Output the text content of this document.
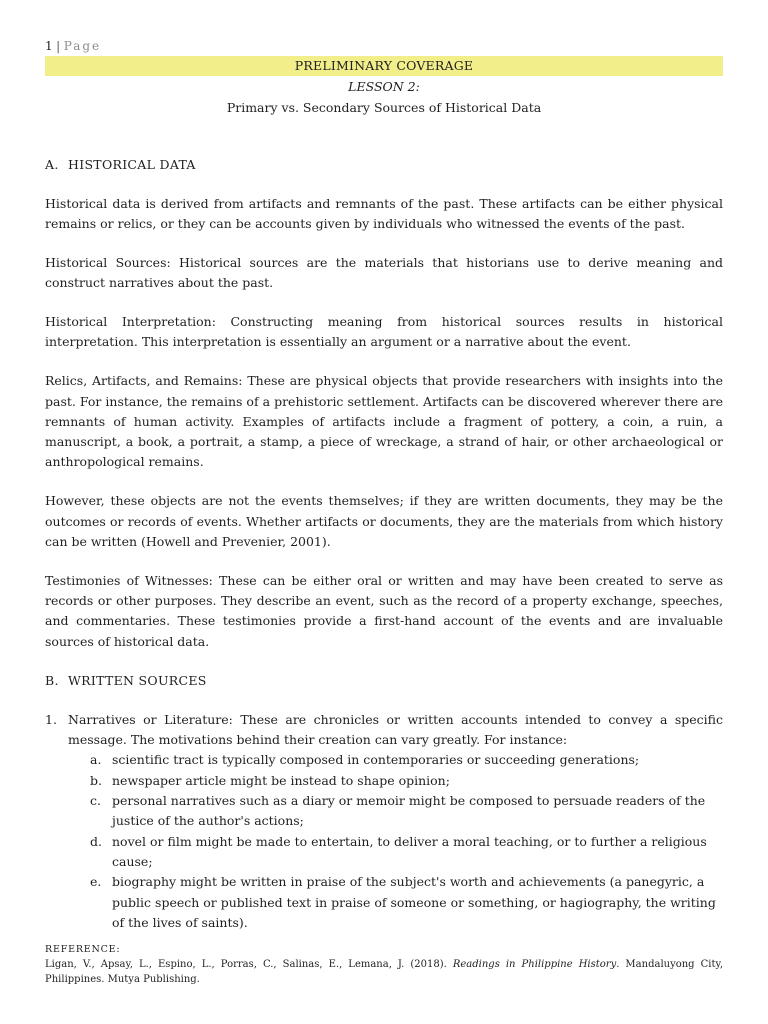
1 | Page
PRELIMINARY COVERAGE
LESSON 2:
Primary vs. Secondary Sources of Historical Data
A. HISTORICAL DATA

Historical data is derived from artifacts and remnants of the past. These artifacts can be either physical remains or relics, or they can be accounts given by individuals who witnessed the events of the past.

Historical Sources: Historical sources are the materials that historians use to derive meaning and construct narratives about the past.

Historical Interpretation: Constructing meaning from historical sources results in historical interpretation. This interpretation is essentially an argument or a narrative about the event.

Relics, Artifacts, and Remains: These are physical objects that provide researchers with insights into the past. For instance, the remains of a prehistoric settlement. Artifacts can be discovered wherever there are remnants of human activity. Examples of artifacts include a fragment of pottery, a coin, a ruin, a manuscript, a book, a portrait, a stamp, a piece of wreckage, a strand of hair, or other archaeological or anthropological remains.

However, these objects are not the events themselves; if they are written documents, they may be the outcomes or records of events. Whether artifacts or documents, they are the materials from which history can be written (Howell and Prevenier, 2001).

Testimonies of Witnesses: These can be either oral or written and may have been created to serve as records or other purposes. They describe an event, such as the record of a property exchange, speeches, and commentaries. These testimonies provide a first-hand account of the events and are invaluable sources of historical data.

B. WRITTEN SOURCES
1. Narratives or Literature: These are chronicles or written accounts intended to convey a specific message. The motivations behind their creation can vary greatly. For instance:
a. scientific tract is typically composed in contemporaries or succeeding generations;
b. newspaper article might be instead to shape opinion;
c. personal narratives such as a diary or memoir might be composed to persuade readers of the justice of the author's actions;
d. novel or film might be made to entertain, to deliver a moral teaching, or to further a religious cause;
e. biography might be written in praise of the subject's worth and achievements (a panegyric, a public speech or published text in praise of someone or something, or hagiography, the writing of the lives of saints).
REFERENCE:
Ligan, V., Apsay, L., Espino, L., Porras, C., Salinas, E., Lemana, J. (2018). Readings in Philippine History. Mandaluyong City, Philippines. Mutya Publishing.
